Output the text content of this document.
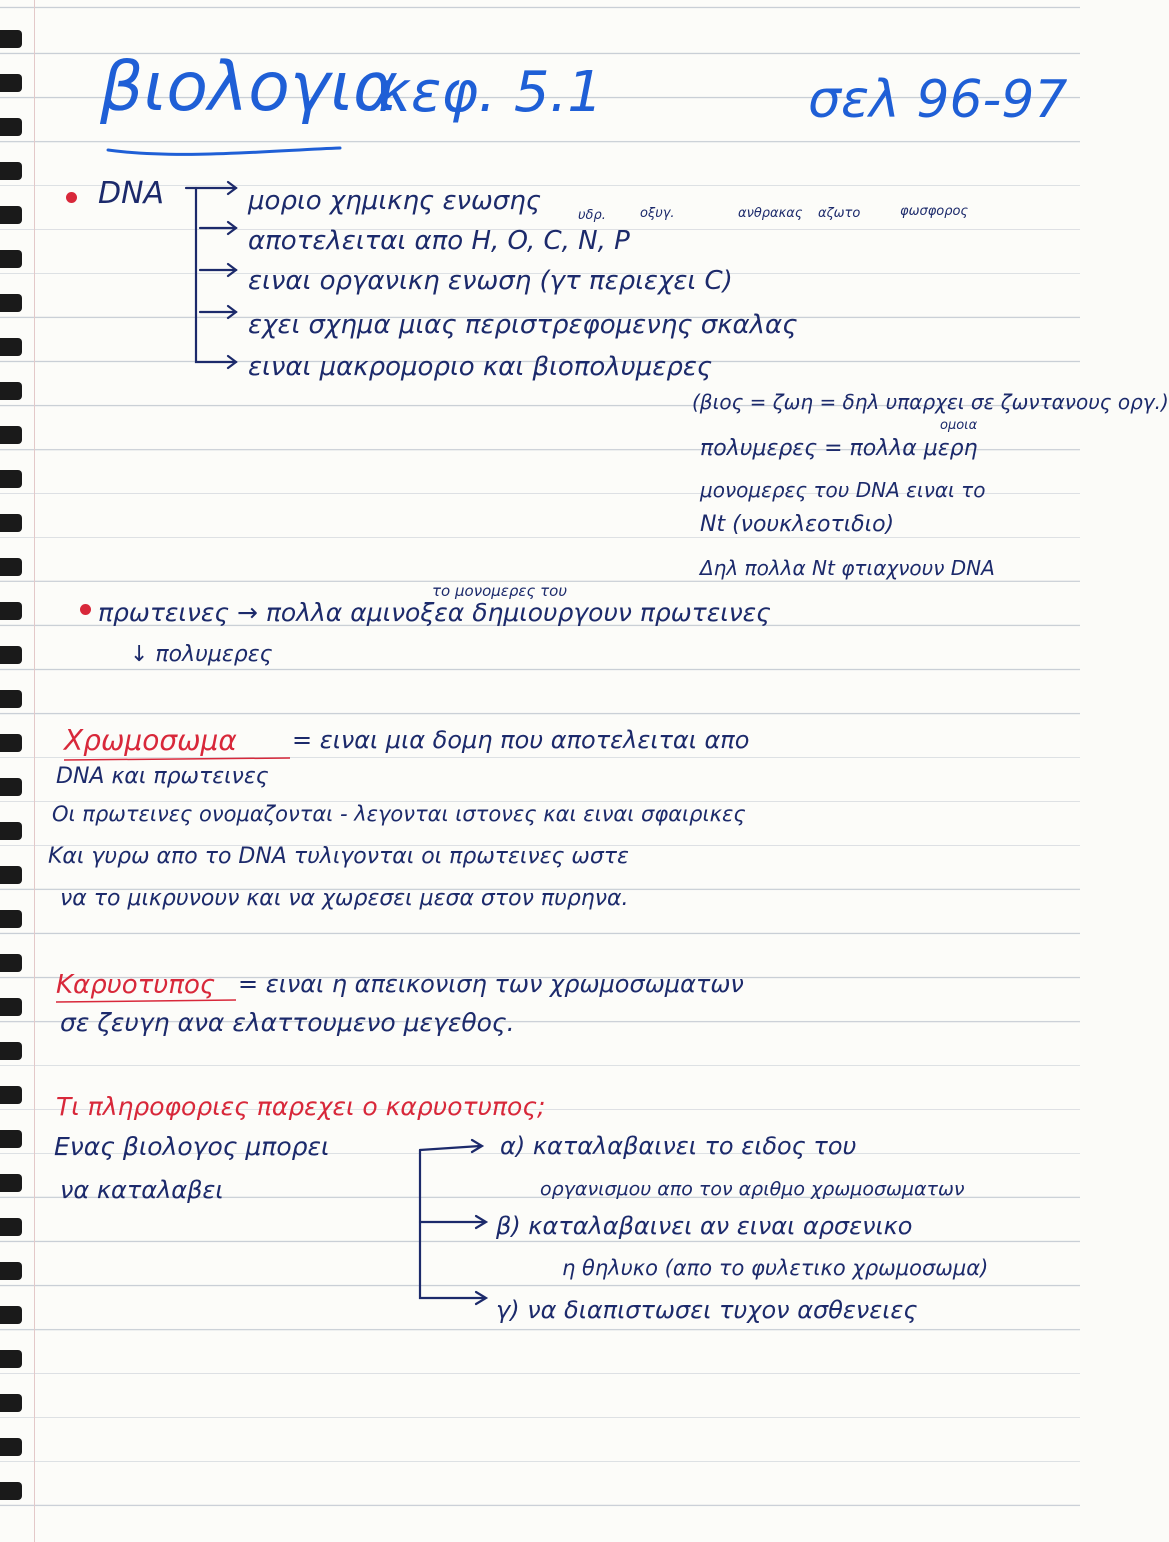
βιολογια
κεφ. 5.1	σελ 96-97
DNA	μοριο χημικης ενωσης
αποτελειται απο H, O, C, N, P
ειναι οργανικη ενωση (γτ περιεχει C)
εχει σχημα μιας περιστρεφομενης σκαλας
ειναι μακρομοριο και βιοπολυμερες
υδρ.	οξυγ.	ανθρακας αζωτο	φωσφορος
(βιος = ζωη = δηλ υπαρχει σε ζωντανους οργ.)
ομοια
πολυμερες = πολλα μερη
μονομερες του DNA ειναι το
Nt (νουκλεοτιδιο)
Δηλ πολλα Nt φτιαχνουν DNA
το μονομερες του
πρωτεινες → πολλα αμινοξεα δημιουργουν πρωτεινες
↓ πολυμερες
Χρωμοσωμα = ειναι μια δομη που αποτελειται απο
DNA και πρωτεινες
Οι πρωτεινες ονομαζονται - λεγονται ιστονες και ειναι σφαιρικες
Και γυρω απο το DNA τυλιγονται οι πρωτεινες ωστε
να το μικρυνουν και να χωρεσει μεσα στον πυρηνα.
Καρυοτυπος = ειναι η απεικονιση των χρωμοσωματων
σε ζευγη ανα ελαττουμενο μεγεθος.
Τι πληροφοριες παρεχει ο καρυοτυπος;
Ενας βιολογος μπορει
να καταλαβει
α) καταλαβαινει το ειδος του
οργανισμου απο τον αριθμο χρωμοσωματων
β) καταλαβαινει αν ειναι αρσενικο
η θηλυκο (απο το φυλετικο χρωμοσωμα)
γ) να διαπιστωσει τυχον ασθενειες
